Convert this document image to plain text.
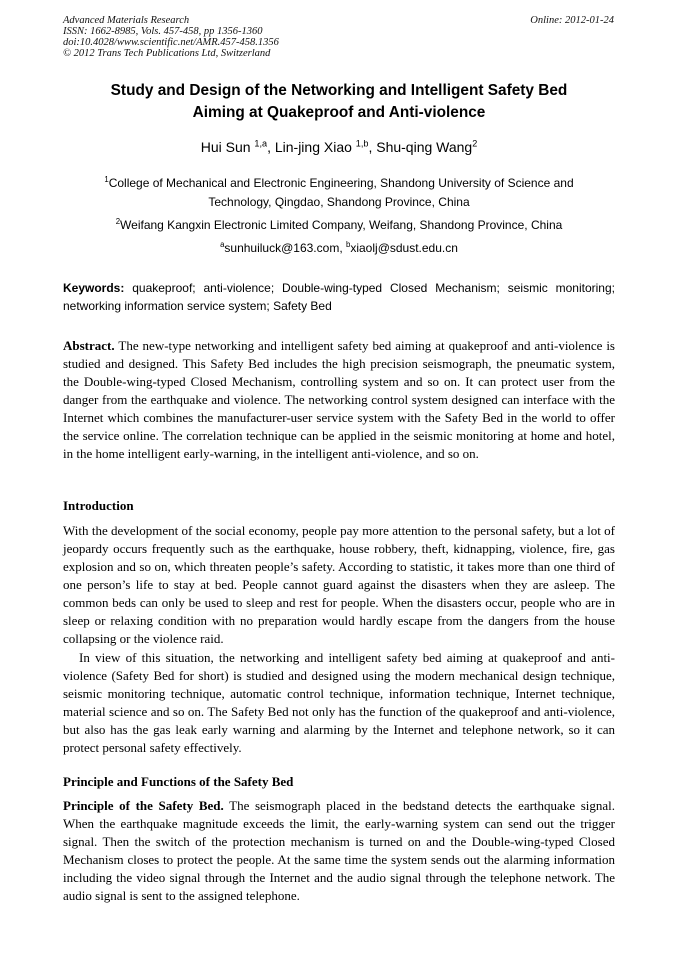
Advanced Materials Research
ISSN: 1662-8985, Vols. 457-458, pp 1356-1360
doi:10.4028/www.scientific.net/AMR.457-458.1356
© 2012 Trans Tech Publications Ltd, Switzerland
Online: 2012-01-24
Study and Design of the Networking and Intelligent Safety Bed
Aiming at Quakeproof and Anti-violence
Hui Sun $^{1,a}$, Lin-jing Xiao $^{1,b}$, Shu-qing Wang$^2$
$^1$College of Mechanical and Electronic Engineering, Shandong University of Science and
Technology, Qingdao, Shandong Province, China
$^2$Weifang Kangxin Electronic Limited Company, Weifang, Shandong Province, China
$^a$sunhuiluck@163.com, $^b$xiaolj@sdust.edu.cn
Keywords: quakeproof; anti-violence; Double-wing-typed Closed Mechanism; seismic monitoring; networking information service system; Safety Bed
Abstract. The new-type networking and intelligent safety bed aiming at quakeproof and anti-violence is studied and designed. This Safety Bed includes the high precision seismograph, the pneumatic system, the Double-wing-typed Closed Mechanism, controlling system and so on. It can protect user from the danger from the earthquake and violence. The networking control system designed can interface with the Internet which combines the manufacturer-user service system with the Safety Bed in the world to offer the service online. The correlation technique can be applied in the seismic monitoring at home and hotel, in the home intelligent early-warning, in the intelligent anti-violence, and so on.
Introduction
With the development of the social economy, people pay more attention to the personal safety, but a lot of jeopardy occurs frequently such as the earthquake, house robbery, theft, kidnapping, violence, fire, gas explosion and so on, which threaten people’s safety. According to statistic, it takes more than one third of one person’s life to stay at bed. People cannot guard against the disasters when they are asleep. The common beds can only be used to sleep and rest for people. When the disasters occur, people who are in sleep or relaxing condition with no preparation would hardly escape from the dangers from the house collapsing or the violence raid.
In view of this situation, the networking and intelligent safety bed aiming at quakeproof and anti-violence (Safety Bed for short) is studied and designed using the modern mechanical design technique, seismic monitoring technique, automatic control technique, information technique, Internet technique, material science and so on. The Safety Bed not only has the function of the quakeproof and anti-violence, but also has the gas leak early warning and alarming by the Internet and telephone network, so it can protect personal safety effectively.
Principle and Functions of the Safety Bed
Principle of the Safety Bed. The seismograph placed in the bedstand detects the earthquake signal. When the earthquake magnitude exceeds the limit, the early-warning system can send out the trigger signal. Then the switch of the protection mechanism is turned on and the Double-wing-typed Closed Mechanism closes to protect the people. At the same time the system sends out the alarming information including the video signal through the Internet and the audio signal through the telephone network. The audio signal is sent to the assigned telephone.
